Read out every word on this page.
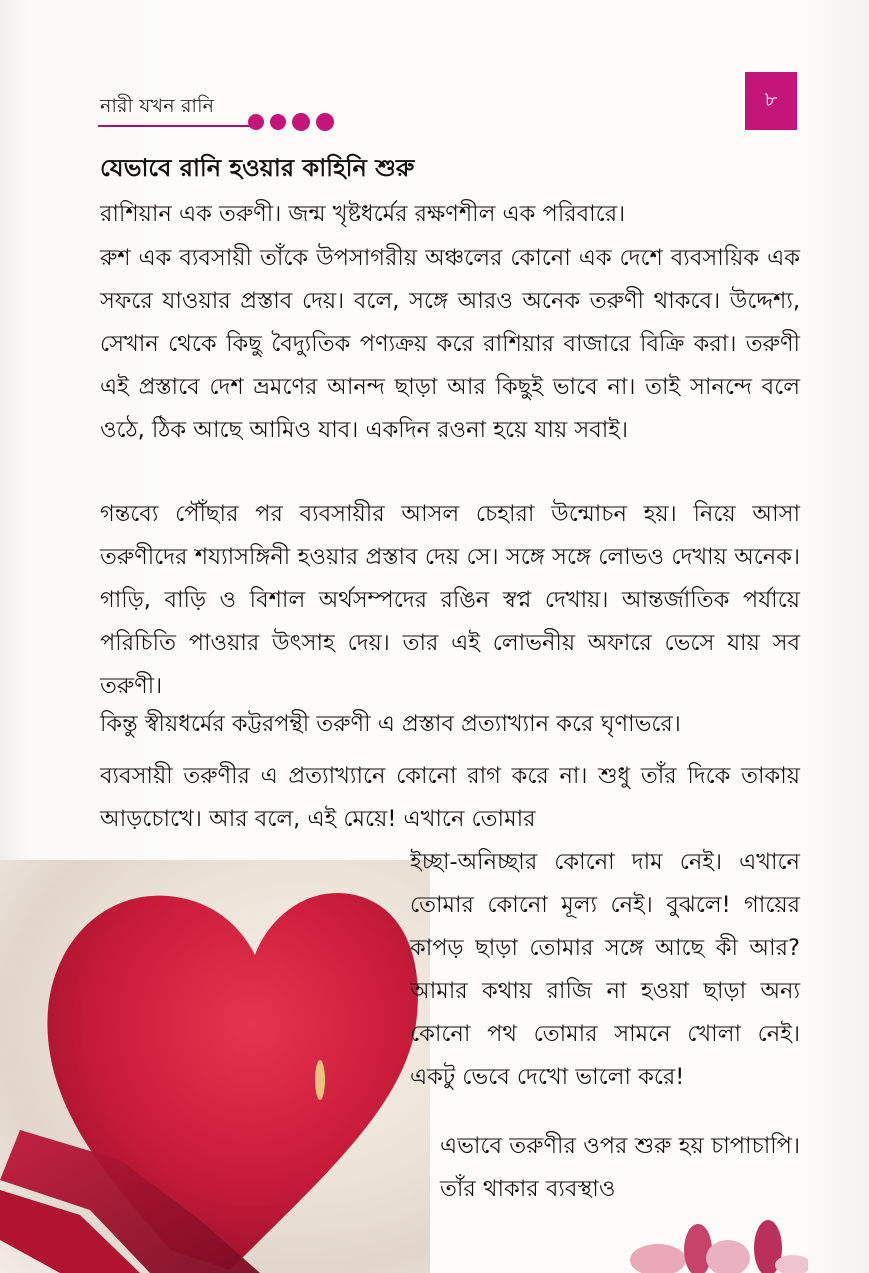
নারী যখন রানি	৮
যেভাবে রানি হওয়ার কাহিনি শুরু
রাশিয়ান এক তরুণী। জন্ম খৃষ্টধর্মের রক্ষণশীল এক পরিবারে।
রুশ এক ব্যবসায়ী তাঁকে উপসাগরীয় অঞ্চলের কোনো এক দেশে ব্যবসায়িক এক সফরে যাওয়ার প্রস্তাব দেয়। বলে, সঙ্গে আরও অনেক তরুণী থাকবে। উদ্দেশ্য, সেখান থেকে কিছু বৈদ্যুতিক পণ্যক্রয় করে রাশিয়ার বাজারে বিক্রি করা। তরুণী এই প্রস্তাবে দেশ ভ্রমণের আনন্দ ছাড়া আর কিছুই ভাবে না। তাই সানন্দে বলে ওঠে, ঠিক আছে আমিও যাব। একদিন রওনা হয়ে যায় সবাই।
গন্তব্যে পৌঁছার পর ব্যবসায়ীর আসল চেহারা উন্মোচন হয়। নিয়ে আসা তরুণীদের শয্যাসঙ্গিনী হওয়ার প্রস্তাব দেয় সে। সঙ্গে সঙ্গে লোভও দেখায় অনেক। গাড়ি, বাড়ি ও বিশাল অর্থসম্পদের রঙিন স্বপ্ন দেখায়। আন্তর্জাতিক পর্যায়ে পরিচিতি পাওয়ার উৎসাহ দেয়। তার এই লোভনীয় অফারে ভেসে যায় সব তরুণী।
কিন্তু স্বীয়ধর্মের কট্টরপন্থী তরুণী এ প্রস্তাব প্রত্যাখ্যান করে ঘৃণাভরে।
ব্যবসায়ী তরুণীর এ প্রত্যাখ্যানে কোনো রাগ করে না। শুধু তাঁর দিকে তাকায় আড়চোখে। আর বলে, এই মেয়ে! এখানে তোমার
ইচ্ছা-অনিচ্ছার কোনো দাম নেই। এখানে তোমার কোনো মূল্য নেই। বুঝলে! গায়ের কাপড় ছাড়া তোমার সঙ্গে আছে কী আর? আমার কথায় রাজি না হওয়া ছাড়া অন্য কোনো পথ তোমার সামনে খোলা নেই। একটু ভেবে দেখো ভালো করে!
এভাবে তরুণীর ওপর শুরু হয় চাপাচাপি। তাঁর থাকার ব্যবস্থাও
